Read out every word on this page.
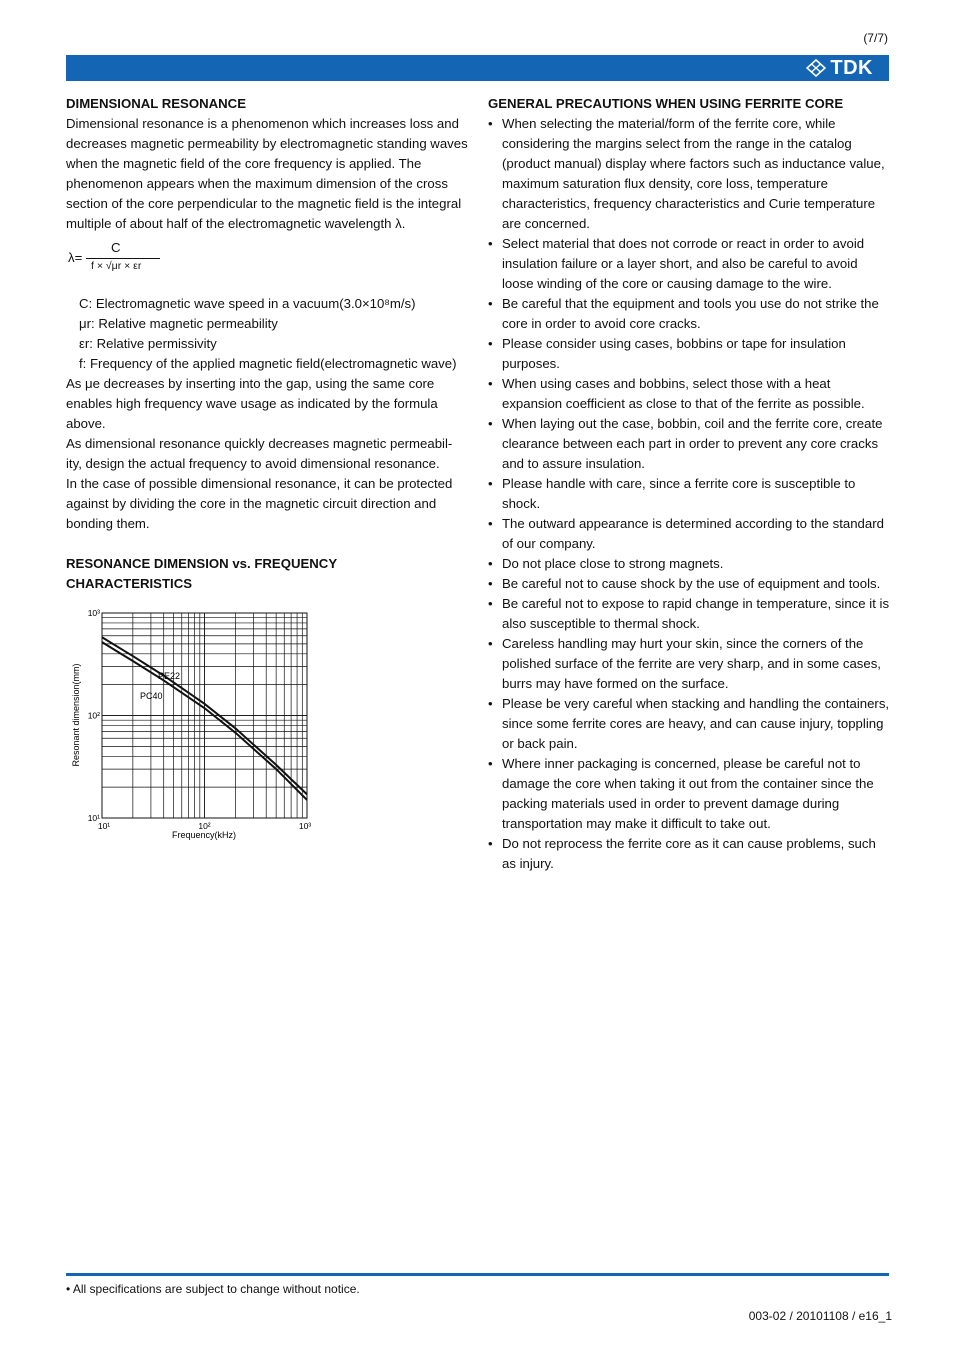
(7/7)
TDK

DIMENSIONAL RESONANCE

Dimensional resonance is a phenomenon which increases loss and decreases magnetic permeability by electromagnetic standing waves when the magnetic field of the core frequency is applied. The phenomenon appears when the maximum dimension of the cross section of the core perpendicular to the magnetic field is the integral multiple of about half of the electromagnetic wavelength λ.

λ=
C
f × √μr × εr

C: Electromagnetic wave speed in a vacuum(3.0×10⁸m/s)

μr: Relative magnetic permeability

εr: Relative permissivity

f: Frequency of the applied magnetic field(electromagnetic wave)

As μe decreases by inserting into the gap, using the same core enables high frequency wave usage as indicated by the formula above.

As dimensional resonance quickly decreases magnetic permeabil-ity, design the actual frequency to avoid dimensional resonance.

In the case of possible dimensional resonance, it can be protected against by dividing the core in the magnetic circuit direction and bonding them.

RESONANCE DIMENSION vs. FREQUENCY

CHARACTERISTICS

10¹	10²	10³
10¹
10²
10³
Frequency(kHz)
Resonant dimension(mm)	PE22
PC40

GENERAL PRECAUTIONS WHEN USING FERRITE CORE

• When selecting the material/form of the ferrite core, while considering the margins select from the range in the catalog (product manual) display where factors such as inductance value, maximum saturation flux density, core loss, temperature characteristics, frequency characteristics and Curie temperature are concerned.
• Select material that does not corrode or react in order to avoid insulation failure or a layer short, and also be careful to avoid loose winding of the core or causing damage to the wire.
• Be careful that the equipment and tools you use do not strike the core in order to avoid core cracks.
• Please consider using cases, bobbins or tape for insulation purposes.
• When using cases and bobbins, select those with a heat expansion coefficient as close to that of the ferrite as possible.
• When laying out the case, bobbin, coil and the ferrite core, create clearance between each part in order to prevent any core cracks and to assure insulation.
• Please handle with care, since a ferrite core is susceptible to shock.
• The outward appearance is determined according to the standard of our company.
• Do not place close to strong magnets.
• Be careful not to cause shock by the use of equipment and tools.
• Be careful not to expose to rapid change in temperature, since it is also susceptible to thermal shock.
• Careless handling may hurt your skin, since the corners of the polished surface of the ferrite are very sharp, and in some cases, burrs may have formed on the surface.
• Please be very careful when stacking and handling the containers, since some ferrite cores are heavy, and can cause injury, toppling or back pain.
• Where inner packaging is concerned, please be careful not to damage the core when taking it out from the container since the packing materials used in order to prevent damage during transportation may make it difficult to take out.
• Do not reprocess the ferrite core as it can cause problems, such as injury.
• All specifications are subject to change without notice.
003-02 / 20101108 / e16_1
